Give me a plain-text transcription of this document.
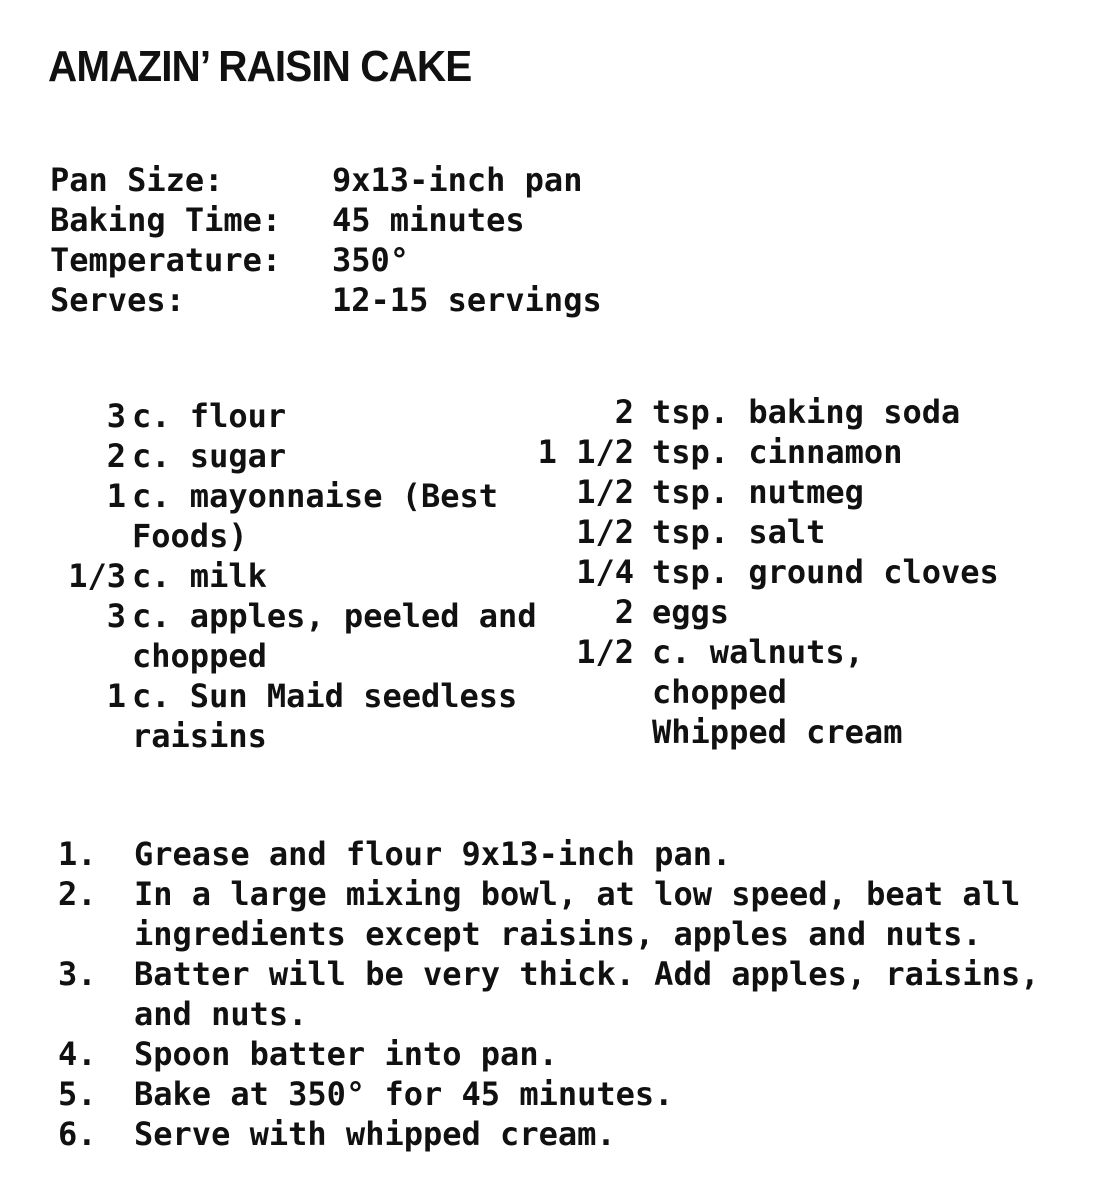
AMAZIN’ RAISIN CAKE
Pan Size:	9x13-inch pan
Baking Time: 45 minutes
Temperature: 350°
Serves:	12-15 servings
3 c. flour
2 c. sugar
1 c. mayonnaise (Best
Foods)
1/3 c. milk
3 c. apples, peeled and
chopped
1 c. Sun Maid seedless
raisins
2 tsp. baking soda
1 1/2 tsp. cinnamon
1/2 tsp. nutmeg
1/2 tsp. salt
1/4 tsp. ground cloves
2 eggs
1/2 c. walnuts,
chopped
Whipped cream
1. Grease and flour 9x13-inch pan.
2. In a large mixing bowl, at low speed, beat all
ingredients except raisins, apples and nuts.
3. Batter will be very thick. Add apples, raisins,
and nuts.
4. Spoon batter into pan.
5. Bake at 350° for 45 minutes.
6. Serve with whipped cream.
